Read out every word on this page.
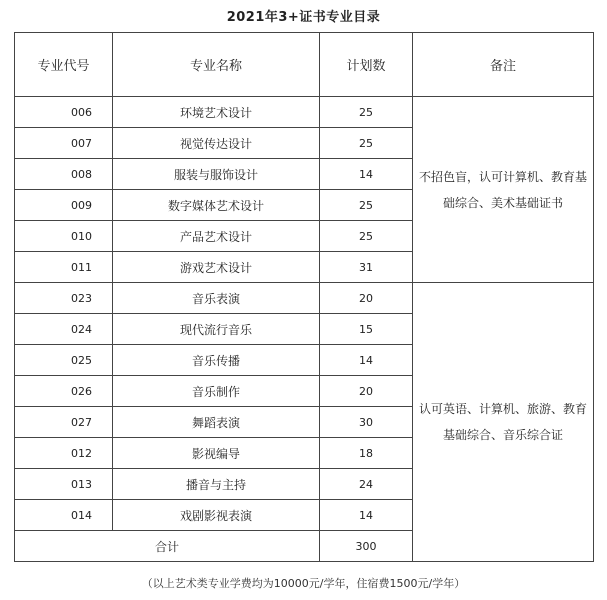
2021年3+证书专业目录
专业代号	专业名称	计划数	备注
006	环境艺术设计	25	不招色盲，认可计算机、教育基础综合、美术基础证书
007	视觉传达设计	25	
008	服装与服饰设计	14	
009	数字媒体艺术设计	25	
010	产品艺术设计	25	
011	游戏艺术设计	31	
023	音乐表演	20	认可英语、计算机、旅游、教育基础综合、音乐综合证
024	现代流行音乐	15	
025	音乐传播	14	
026	音乐制作	20	
027	舞蹈表演	30	
012	影视编导	18	
013	播音与主持	24	
014	戏剧影视表演	14	
合计		300	
（以上艺术类专业学费均为10000元/学年，住宿费1500元/学年）
